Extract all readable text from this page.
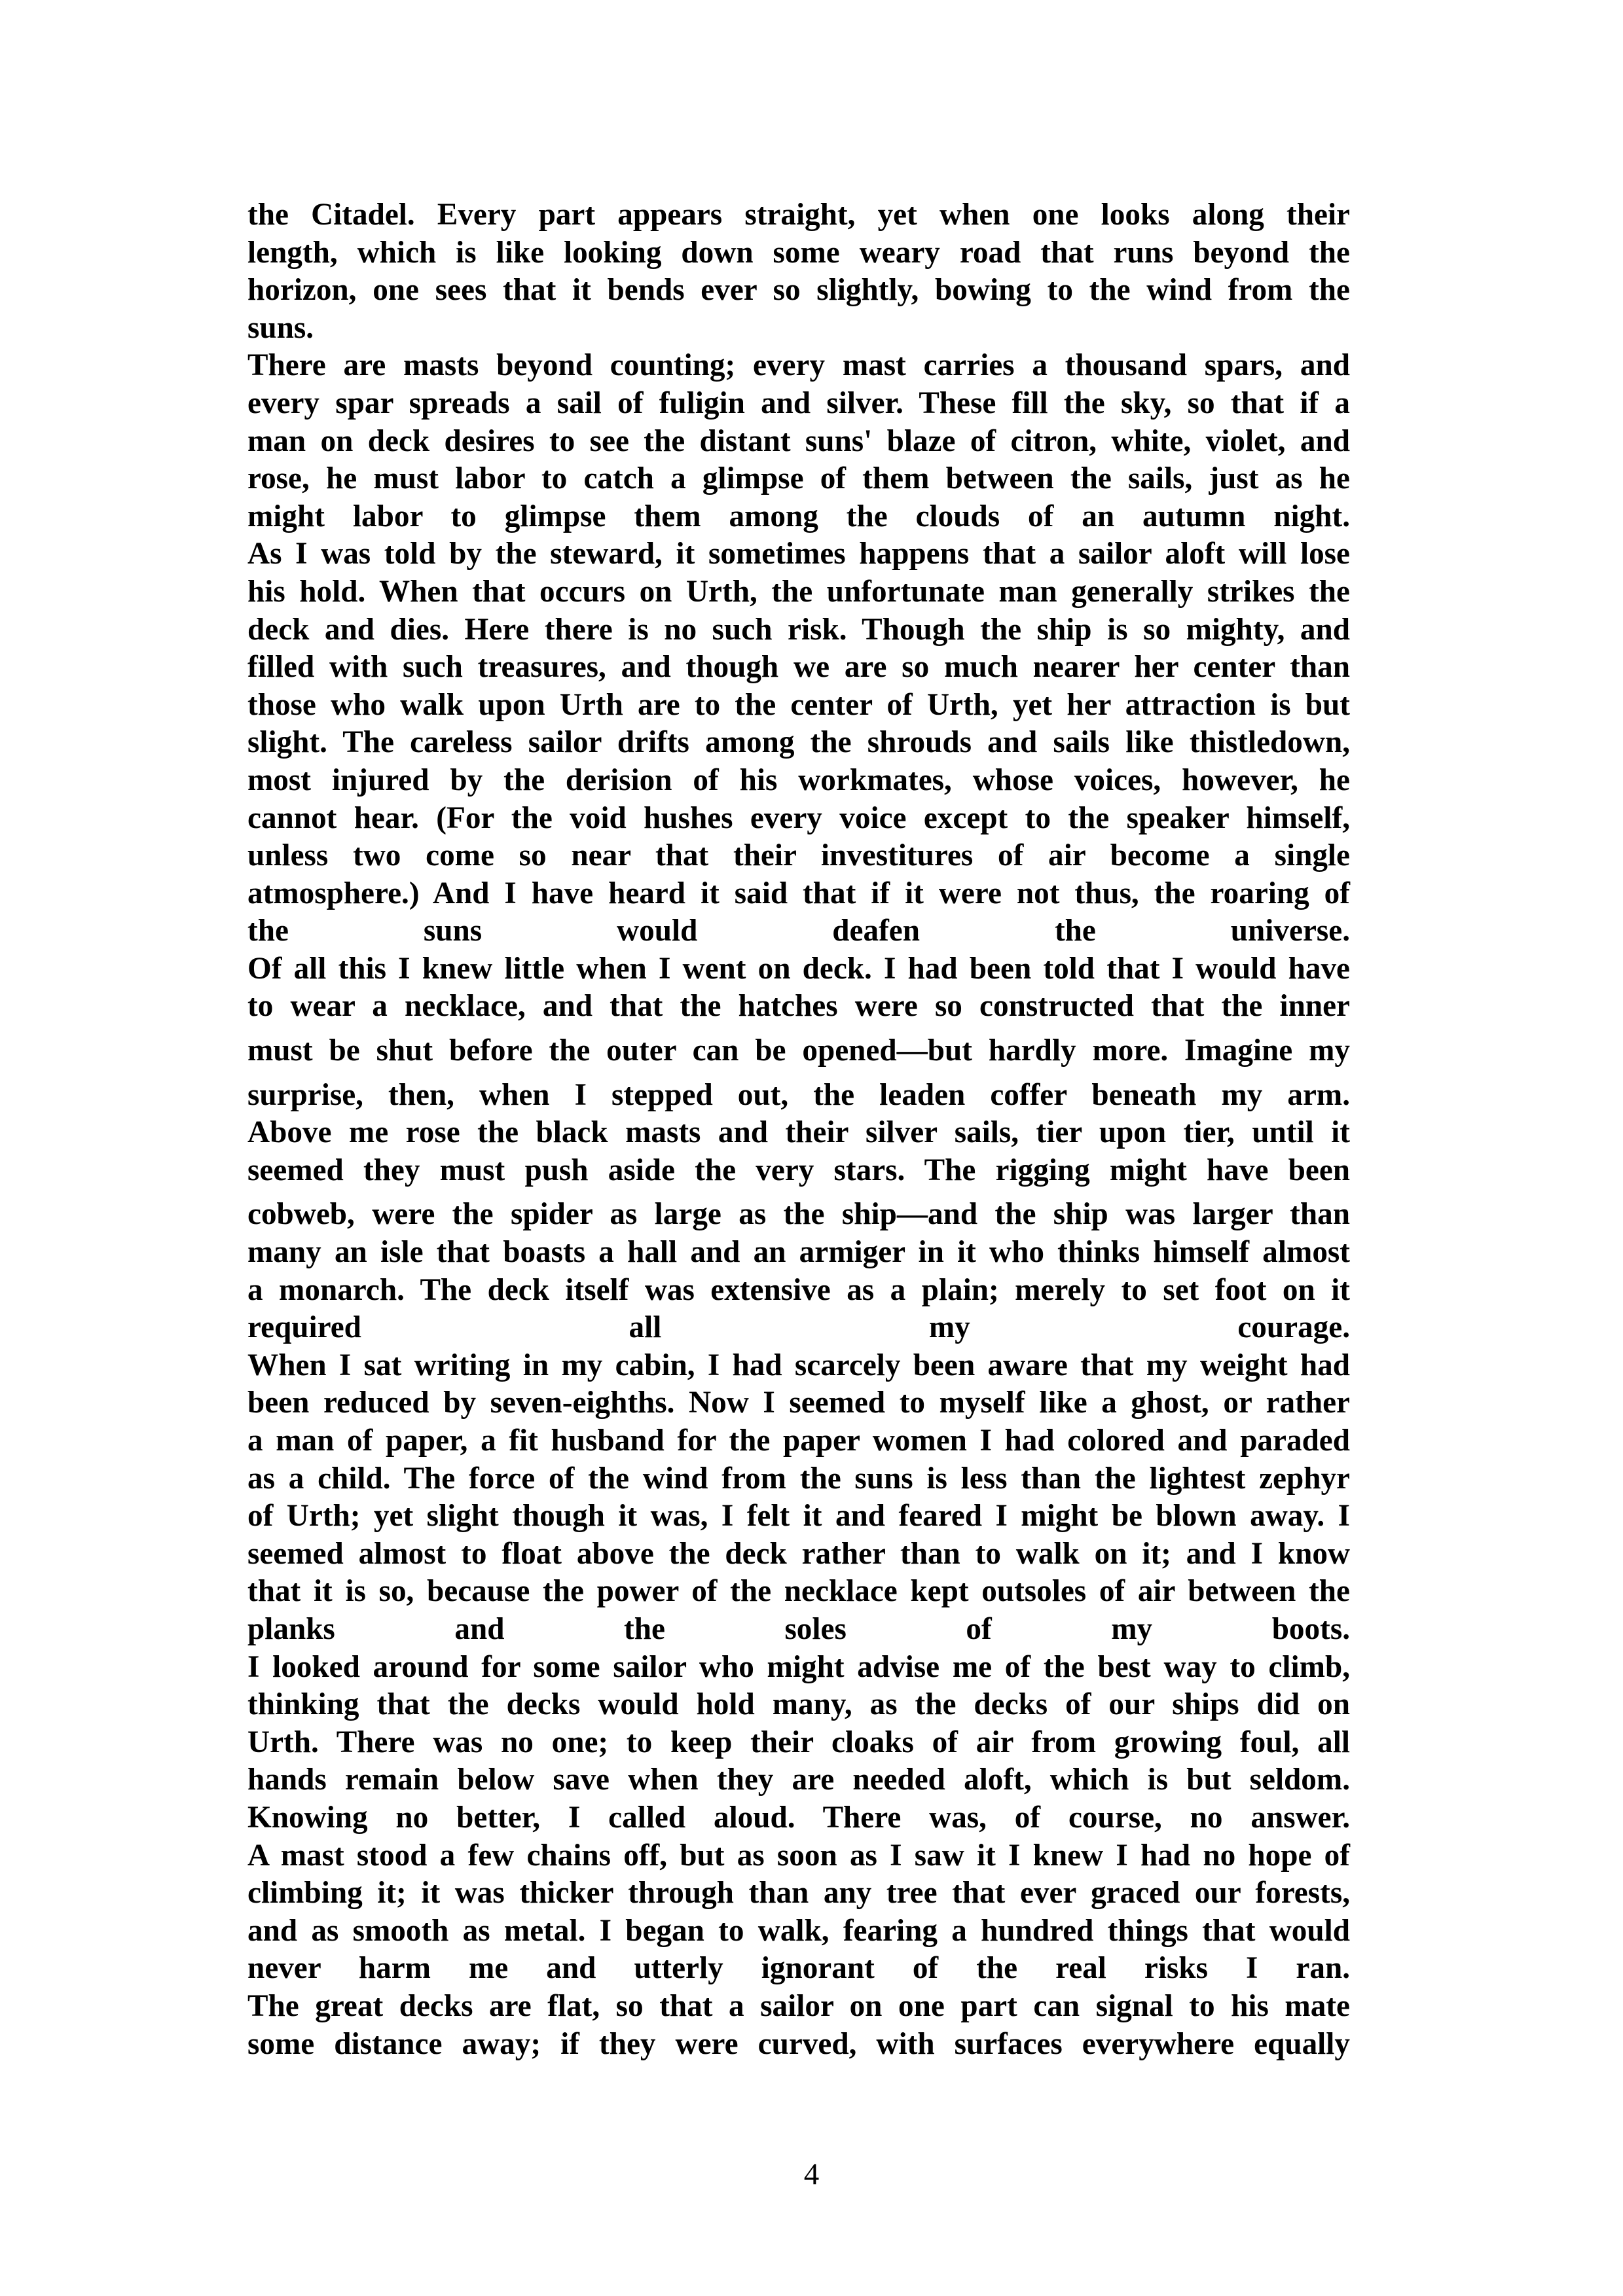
the Citadel. Every part appears straight, yet when one looks along their
length, which is like looking down some weary road that runs beyond the
horizon, one sees that it bends ever so slightly, bowing to the wind from the
suns.
There are masts beyond counting; every mast carries a thousand spars, and
every spar spreads a sail of fuligin and silver. These fill the sky, so that if a
man on deck desires to see the distant suns' blaze of citron, white, violet, and
rose, he must labor to catch a glimpse of them between the sails, just as he
might labor to glimpse them among the clouds of an autumn night.
As I was told by the steward, it sometimes happens that a sailor aloft will lose
his hold. When that occurs on Urth, the unfortunate man generally strikes the
deck and dies. Here there is no such risk. Though the ship is so mighty, and
filled with such treasures, and though we are so much nearer her center than
those who walk upon Urth are to the center of Urth, yet her attraction is but
slight. The careless sailor drifts among the shrouds and sails like thistledown,
most injured by the derision of his workmates, whose voices, however, he
cannot hear. (For the void hushes every voice except to the speaker himself,
unless two come so near that their investitures of air become a single
atmosphere.) And I have heard it said that if it were not thus, the roaring of
the suns would deafen the universe.
Of all this I knew little when I went on deck. I had been told that I would have
to wear a necklace, and that the hatches were so constructed that the inner
must be shut before the outer can be opened—but hardly more. Imagine my
surprise, then, when I stepped out, the leaden coffer beneath my arm.
Above me rose the black masts and their silver sails, tier upon tier, until it
seemed they must push aside the very stars. The rigging might have been
cobweb, were the spider as large as the ship—and the ship was larger than
many an isle that boasts a hall and an armiger in it who thinks himself almost
a monarch. The deck itself was extensive as a plain; merely to set foot on it
required all my courage.
When I sat writing in my cabin, I had scarcely been aware that my weight had
been reduced by seven-eighths. Now I seemed to myself like a ghost, or rather
a man of paper, a fit husband for the paper women I had colored and paraded
as a child. The force of the wind from the suns is less than the lightest zephyr
of Urth; yet slight though it was, I felt it and feared I might be blown away. I
seemed almost to float above the deck rather than to walk on it; and I know
that it is so, because the power of the necklace kept outsoles of air between the
planks and the soles of my boots.
I looked around for some sailor who might advise me of the best way to climb,
thinking that the decks would hold many, as the decks of our ships did on
Urth. There was no one; to keep their cloaks of air from growing foul, all
hands remain below save when they are needed aloft, which is but seldom.
Knowing no better, I called aloud. There was, of course, no answer.
A mast stood a few chains off, but as soon as I saw it I knew I had no hope of
climbing it; it was thicker through than any tree that ever graced our forests,
and as smooth as metal. I began to walk, fearing a hundred things that would
never harm me and utterly ignorant of the real risks I ran.
The great decks are flat, so that a sailor on one part can signal to his mate
some distance away; if they were curved, with surfaces everywhere equally
4
